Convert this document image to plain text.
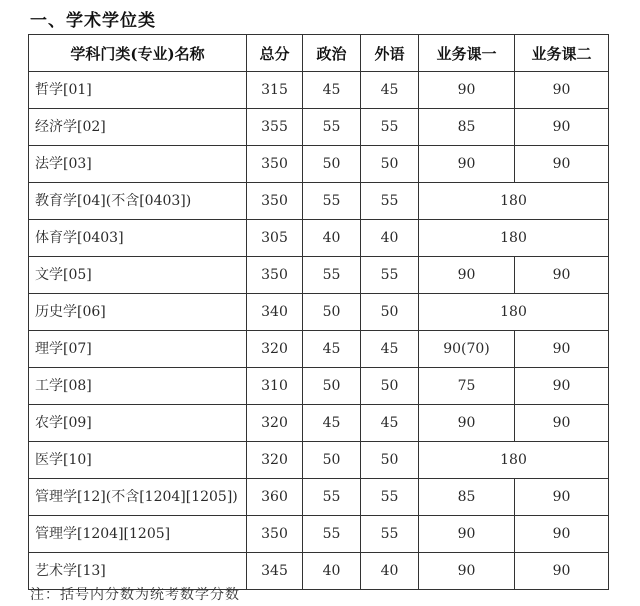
一、学术学位类
学科门类(专业)名称	总分	政治	外语	业务课一	业务课二
哲学[01]	315	45	45	90	90
经济学[02]	355	55	55	85	90
法学[03]	350	50	50	90	90
教育学[04](不含[0403])	350	55	55	180	
体育学[0403]	305	40	40	180	
文学[05]	350	55	55	90	90
历史学[06]	340	50	50	180	
理学[07]	320	45	45	90(70)	90
工学[08]	310	50	50	75	90
农学[09]	320	45	45	90	90
医学[10]	320	50	50	180	
管理学[12](不含[1204][1205])	360	55	55	85	90
管理学[1204][1205]	350	55	55	90	90
艺术学[13]	345	40	40	90	90
注：括号内分数为统考数学分数
